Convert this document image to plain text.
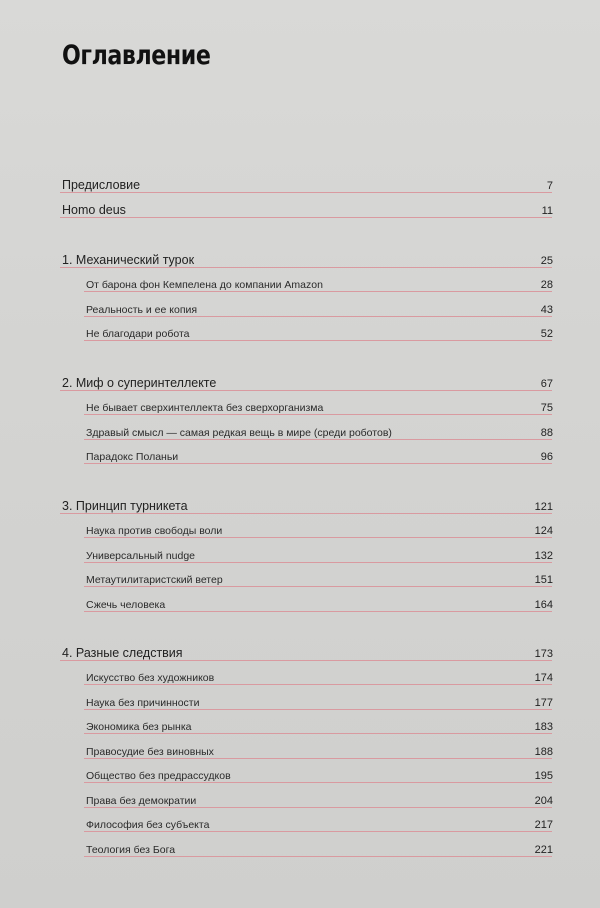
Оглавление
Предисловие	7
Homo deus	11
1. Механический турок	25
От барона фон Кемпелена до компании Amazon	28
Реальность и ее копия	43
Не благодари робота	52
2. Миф о суперинтеллекте	67
Не бывает сверхинтеллекта без сверхорганизма	75
Здравый смысл — самая редкая вещь в мире (среди роботов)	88
Парадокс Поланьи	96
3. Принцип турникета	121
Наука против свободы воли	124
Универсальный nudge	132
Метаутилитаристский ветер	151
Сжечь человека	164
4. Разные следствия	173
Искусство без художников	174
Наука без причинности	177
Экономика без рынка	183
Правосудие без виновных	188
Общество без предрассудков	195
Права без демократии	204
Философия без субъекта	217
Теология без Бога	221
